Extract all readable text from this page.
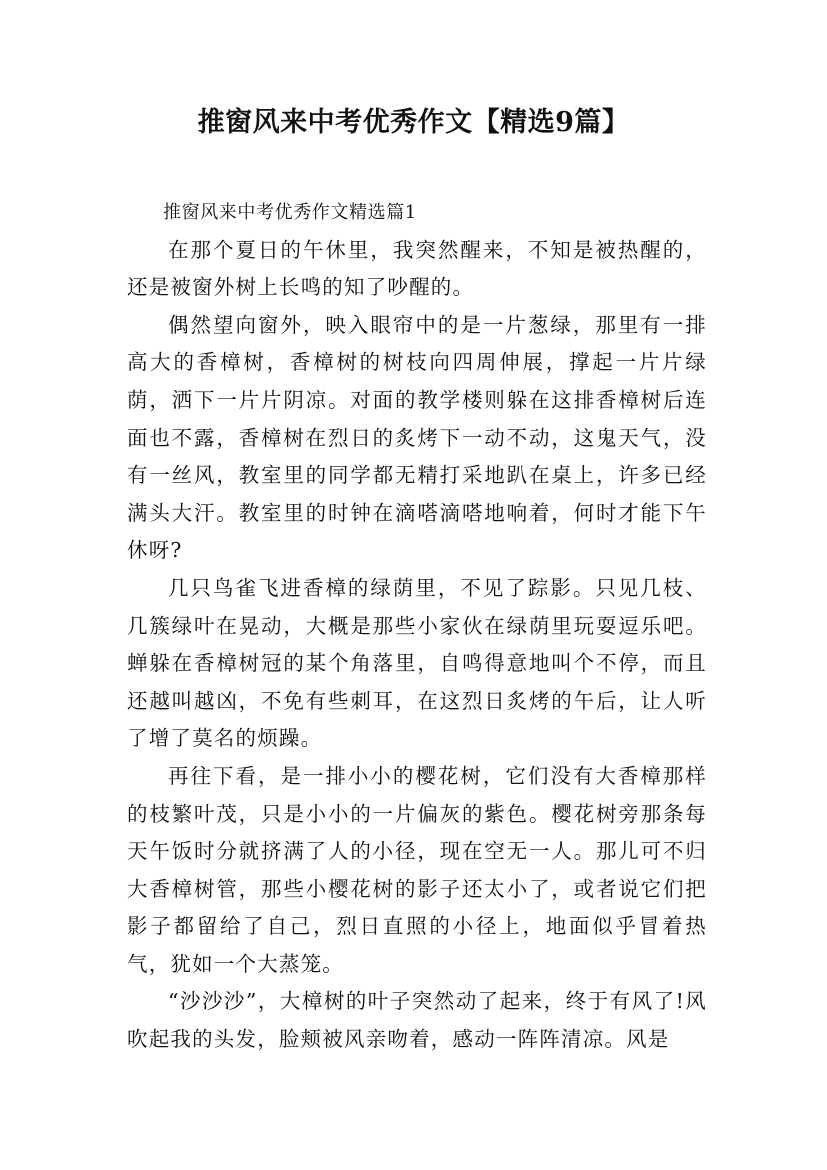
推窗风来中考优秀作文【精选9篇】

推窗风来中考优秀作文精选篇1

在那个夏日的午休里，我突然醒来，不知是被热醒的，还是被窗外树上长鸣的知了吵醒的。

偶然望向窗外，映入眼帘中的是一片葱绿，那里有一排高大的香樟树，香樟树的树枝向四周伸展，撑起一片片绿荫，洒下一片片阴凉。对面的教学楼则躲在这排香樟树后连面也不露，香樟树在烈日的炙烤下一动不动，这鬼天气，没有一丝风，教室里的同学都无精打采地趴在桌上，许多已经满头大汗。教室里的时钟在滴嗒滴嗒地响着，何时才能下午休呀?

几只鸟雀飞进香樟的绿荫里，不见了踪影。只见几枝、几簇绿叶在晃动，大概是那些小家伙在绿荫里玩耍逗乐吧。蝉躲在香樟树冠的某个角落里，自鸣得意地叫个不停，而且还越叫越凶，不免有些刺耳，在这烈日炙烤的午后，让人听了增了莫名的烦躁。

再往下看，是一排小小的樱花树，它们没有大香樟那样的枝繁叶茂，只是小小的一片偏灰的紫色。樱花树旁那条每天午饭时分就挤满了人的小径，现在空无一人。那儿可不归大香樟树管，那些小樱花树的影子还太小了，或者说它们把影子都留给了自己，烈日直照的小径上，地面似乎冒着热气，犹如一个大蒸笼。

“沙沙沙”，大樟树的叶子突然动了起来，终于有风了!风吹起我的头发，脸颊被风亲吻着，感动一阵阵清凉。风是
